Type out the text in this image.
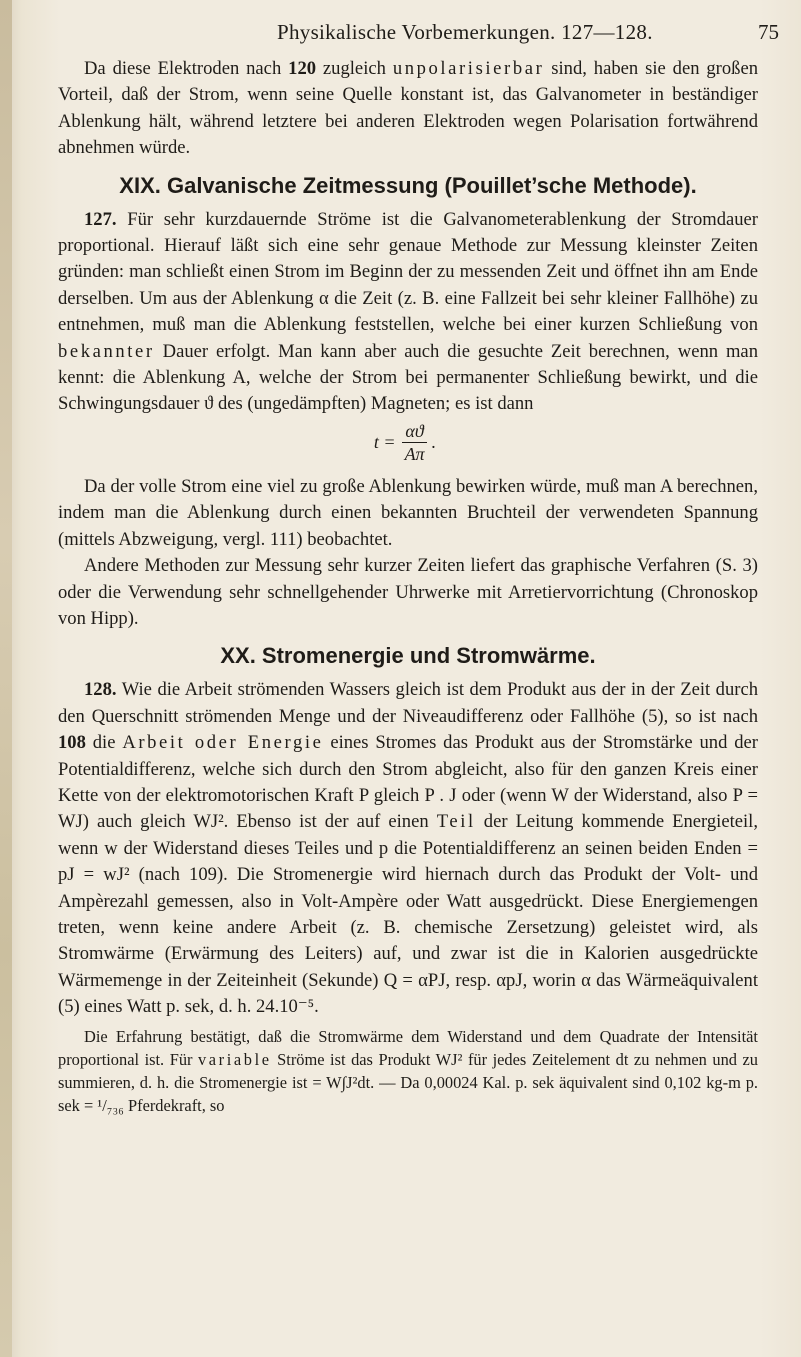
Physikalische Vorbemerkungen. 127—128.	75

Da diese Elektroden nach 120 zugleich unpolarisierbar sind, haben sie den großen Vorteil, daß der Strom, wenn seine Quelle konstant ist, das Galvanometer in beständiger Ablenkung hält, während letztere bei anderen Elektroden wegen Polarisation fortwährend abnehmen würde.

XIX. Galvanische Zeitmessung (Pouillet’sche Methode).

127. Für sehr kurzdauernde Ströme ist die Galvanometerablenkung der Stromdauer proportional. Hierauf läßt sich eine sehr genaue Methode zur Messung kleinster Zeiten gründen: man schließt einen Strom im Beginn der zu messenden Zeit und öffnet ihn am Ende derselben. Um aus der Ablenkung α die Zeit (z. B. eine Fallzeit bei sehr kleiner Fallhöhe) zu entnehmen, muß man die Ablenkung feststellen, welche bei einer kurzen Schließung von bekannter Dauer erfolgt. Man kann aber auch die gesuchte Zeit berechnen, wenn man kennt: die Ablenkung A, welche der Strom bei permanenter Schließung bewirkt, und die Schwingungsdauer ϑ des (ungedämpften) Magneten; es ist dann

$t = \frac{\alpha ϑ}{A\pi}$ .

Da der volle Strom eine viel zu große Ablenkung bewirken würde, muß man A berechnen, indem man die Ablenkung durch einen bekannten Bruchteil der verwendeten Spannung (mittels Abzweigung, vergl. 111) beobachtet.

Andere Methoden zur Messung sehr kurzer Zeiten liefert das graphische Verfahren (S. 3) oder die Verwendung sehr schnellgehender Uhrwerke mit Arretiervorrichtung (Chronoskop von Hipp).

XX. Stromenergie und Stromwärme.

128. Wie die Arbeit strömenden Wassers gleich ist dem Produkt aus der in der Zeit durch den Querschnitt strömenden Menge und der Niveaudifferenz oder Fallhöhe (5), so ist nach 108 die Arbeit oder Energie eines Stromes das Produkt aus der Stromstärke und der Potentialdifferenz, welche sich durch den Strom abgleicht, also für den ganzen Kreis einer Kette von der elektromotorischen Kraft P gleich P . J oder (wenn W der Widerstand, also P = WJ) auch gleich WJ². Ebenso ist der auf einen Teil der Leitung kommende Energieteil, wenn w der Widerstand dieses Teiles und p die Potentialdifferenz an seinen beiden Enden = pJ = wJ² (nach 109). Die Stromenergie wird hiernach durch das Produkt der Volt- und Ampèrezahl gemessen, also in Volt-Ampère oder Watt ausgedrückt. Diese Energiemengen treten, wenn keine andere Arbeit (z. B. chemische Zersetzung) geleistet wird, als Stromwärme (Erwärmung des Leiters) auf, und zwar ist die in Kalorien ausgedrückte Wärmemenge in der Zeiteinheit (Sekunde) Q = αPJ, resp. αpJ, worin α das Wärmeäquivalent (5) eines Watt p. sek, d. h. 24.10⁻⁵.

Die Erfahrung bestätigt, daß die Stromwärme dem Widerstand und dem Quadrate der Intensität proportional ist. Für variable Ströme ist das Produkt WJ² für jedes Zeitelement dt zu nehmen und zu summieren, d. h. die Stromenergie ist = W∫J²dt. — Da 0,00024 Kal. p. sek äquivalent sind 0,102 kg-m p. sek = ¹/₇₃₆ Pferdekraft, so
